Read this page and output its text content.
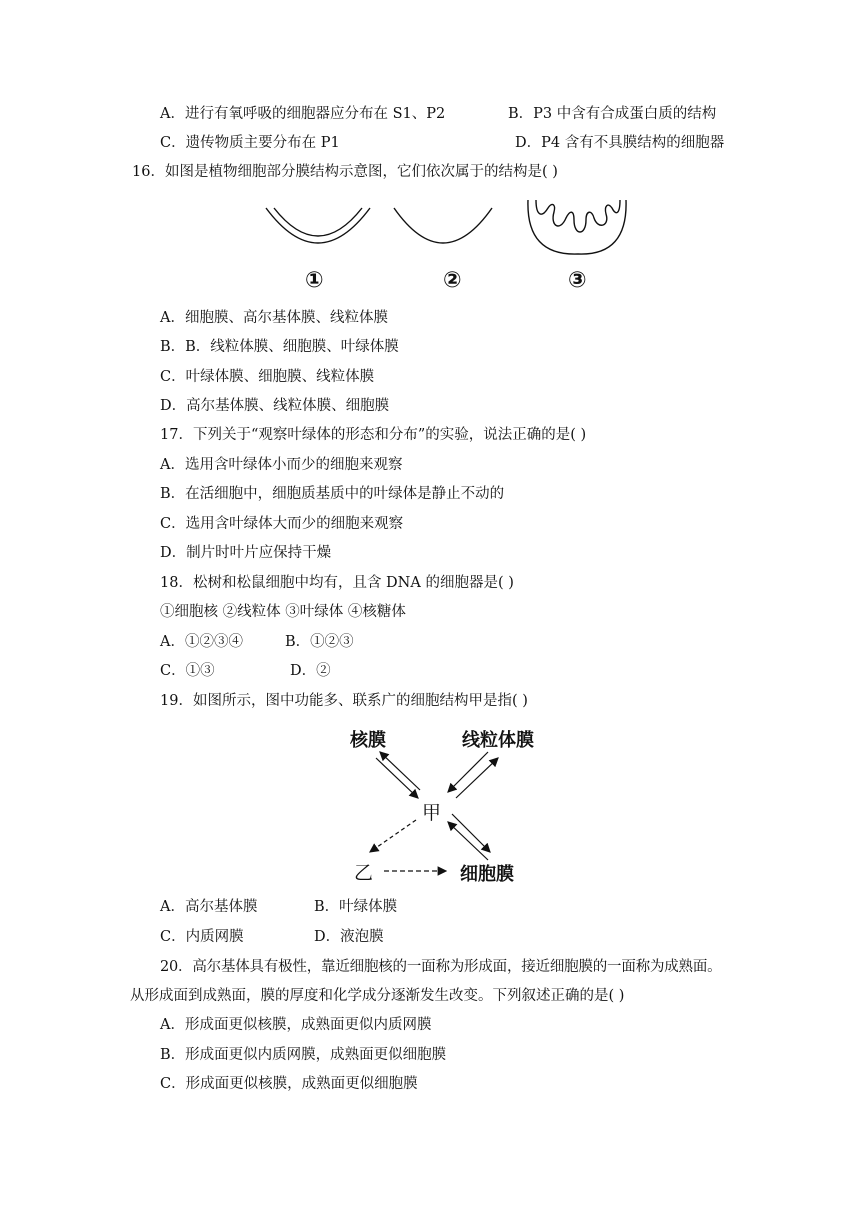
A．进行有氧呼吸的细胞器应分布在 S1、P2	B．P3 中含有合成蛋白质的结构
C．遗传物质主要分布在 P1	D．P4 含有不具膜结构的细胞器
16．如图是植物细胞部分膜结构示意图，它们依次属于的结构是( )
①	②	③
A．细胞膜、高尔基体膜、线粒体膜
B．B．线粒体膜、细胞膜、叶绿体膜
C．叶绿体膜、细胞膜、线粒体膜
D．高尔基体膜、线粒体膜、细胞膜
17．下列关于“观察叶绿体的形态和分布”的实验，说法正确的是( )
A．选用含叶绿体小而少的细胞来观察
B．在活细胞中，细胞质基质中的叶绿体是静止不动的
C．选用含叶绿体大而少的细胞来观察
D．制片时叶片应保持干燥
18．松树和松鼠细胞中均有，且含 DNA 的细胞器是( )
①细胞核 ②线粒体 ③叶绿体 ④核糖体
A．①②③④	B．①②③
C．①③	D．②
19．如图所示，图中功能多、联系广的细胞结构甲是指( )
核膜	线粒体膜
甲
乙	细胞膜
A．高尔基体膜	B．叶绿体膜
C．内质网膜	D．液泡膜
20．高尔基体具有极性，靠近细胞核的一面称为形成面，接近细胞膜的一面称为成熟面。
从形成面到成熟面，膜的厚度和化学成分逐渐发生改变。下列叙述正确的是( )
A．形成面更似核膜，成熟面更似内质网膜
B．形成面更似内质网膜，成熟面更似细胞膜
C．形成面更似核膜，成熟面更似细胞膜
